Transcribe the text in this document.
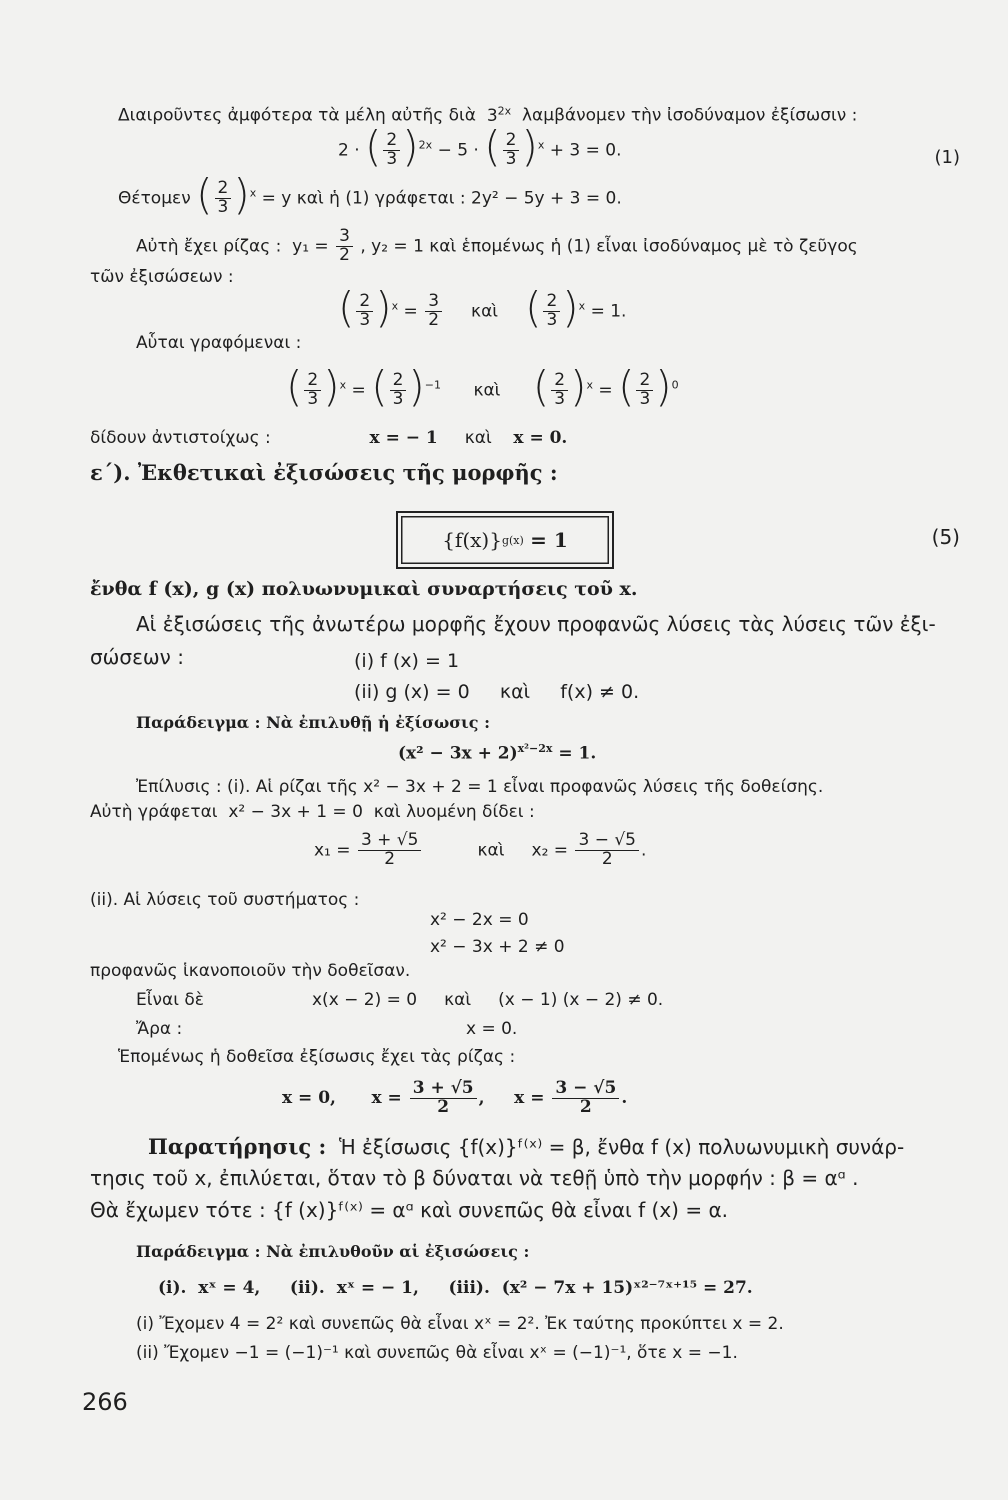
Διαιροῦντες ἀμφότερα τὰ μέλη αὐτῆς διὰ $3^{2x}$ λαμβάνομεν τὴν ἰσοδύναμον ἐξίσωσιν :
2 · ( $\frac{2}{3}$ ) $^{2x}$ − 5 · ( $\frac{2}{3}$ ) $^x$ + 3 = 0.	(1)
Θέτομεν ( $\frac{2}{3}$ ) $^x$ = y καὶ ἡ (1) γράφεται : 2y² − 5y + 3 = 0.
Αὐτὴ ἔχει ρίζας : $y_1 = \frac{3}{2}$ , y₂ = 1 καὶ ἑπομένως ἡ (1) εἶναι ἰσοδύναμος μὲ τὸ ζεῦγος
τῶν ἐξισώσεων :
( $\frac{2}{3}$ ) $^x = \frac{3}{2}$ καὶ ( $\frac{2}{3}$ ) $^x$ = 1.
Αὗται γραφόμεναι :
( $\frac{2}{3}$ ) $^x$ = ( $\frac{2}{3}$ ) $^{-1}$ καὶ ( $\frac{2}{3}$ ) $^x$ = ( $\frac{2}{3}$ ) $^0$
δίδουν ἀντιστοίχως :	x = − 1 καὶ x = 0.
ε΄). Ἐκθετικαὶ ἐξισώσεις τῆς μορφῆς :
{f(x)} g(x)
= 1	(5)
ἔνθα f (x), g (x) πολυωνυμικαὶ συναρτήσεις τοῦ x.
Αἱ ἐξισώσεις τῆς ἀνωτέρω μορφῆς ἔχουν προφανῶς λύσεις τὰς λύσεις τῶν ἐξι-
σώσεων :	(i) f (x) = 1
(ii) g (x) = 0     καὶ     f(x) ≠ 0.
Παράδειγμα : Νὰ ἐπιλυθῇ ἡ ἐξίσωσις :
$(x^2 - 3x + 2)^{x^2-2x} = 1$.
Ἐπίλυσις : (i). Αἱ ρίζαι τῆς x² − 3x + 2 = 1 εἶναι προφανῶς λύσεις τῆς δοθείσης.
Αὐτὴ γράφεται  x² − 3x + 1 = 0  καὶ λυομένη δίδει :
$x_1 = \frac{3 + √5}{2}$	καὶ $x_2 = \frac{3 - √5}{2}$ .
(ii). Αἱ λύσεις τοῦ συστήματος :
x² − 2x = 0
x² − 3x + 2 ≠ 0
προφανῶς ἱκανοποιοῦν τὴν δοθεῖσαν.
Εἶναι δὲ	x(x − 2) = 0     καὶ     (x − 1) (x − 2) ≠ 0.
Ἄρα :	x = 0.
Ἑπομένως ἡ δοθεῖσα ἐξίσωσις ἔχει τὰς ρίζας :
x = 0, $x = \frac{3 + √5}{2}$ ,     $x = \frac{3 - √5}{2}$ .
Παρατήρησις : Ἡ ἐξίσωσις {f(x)}ᶠ⁽ˣ⁾ = β, ἔνθα f (x) πολυωνυμικὴ συνάρ-
τησις τοῦ x, ἐπιλύεται, ὅταν τὸ β δύναται νὰ τεθῇ ὑπὸ τὴν μορφήν : β = αᵅ .
Θὰ ἔχωμεν τότε : {f (x)}ᶠ⁽ˣ⁾ = αᵅ καὶ συνεπῶς θὰ εἶναι f (x) = α.
Παράδειγμα : Νὰ ἐπιλυθοῦν αἱ ἐξισώσεις :
(i).  xˣ = 4,     (ii).  xˣ = − 1,     (iii).  (x² − 7x + 15)ˣ²⁻⁷ˣ⁺¹⁵ = 27.
(i) Ἔχομεν 4 = 2² καὶ συνεπῶς θὰ εἶναι xˣ = 2². Ἐκ ταύτης προκύπτει x = 2.
(ii) Ἔχομεν −1 = (−1)⁻¹ καὶ συνεπῶς θὰ εἶναι xˣ = (−1)⁻¹, ὅτε x = −1.
266
